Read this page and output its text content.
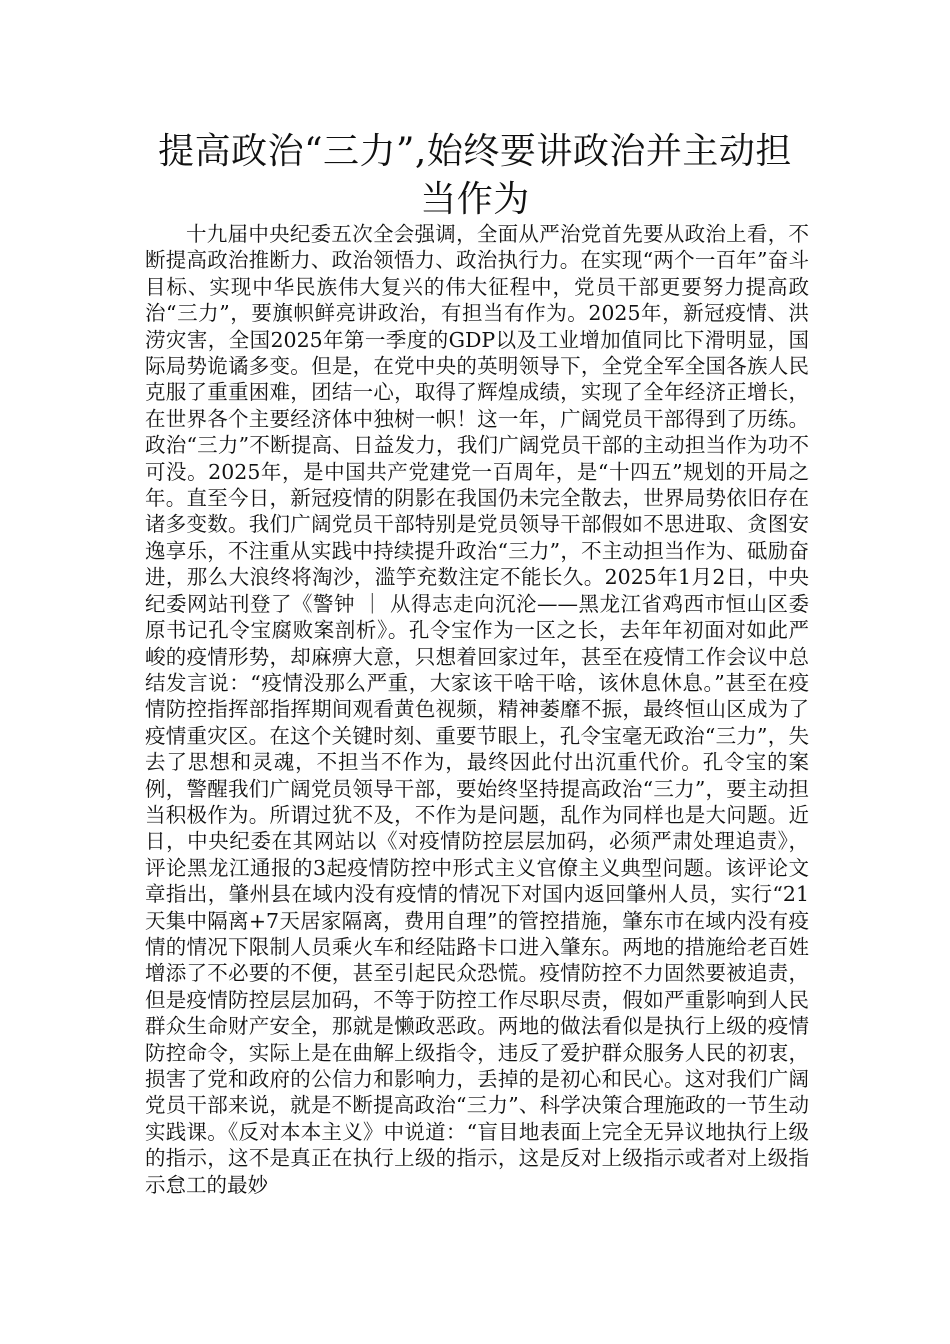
提高政治“三力”,始终要讲政治并主动担当作为

十九届中央纪委五次全会强调，全面从严治党首先要从政治上看，不断提高政治推断力、政治领悟力、政治执行力。在实现“两个一百年”奋斗目标、实现中华民族伟大复兴的伟大征程中，党员干部更要努力提高政治“三力”，要旗帜鲜亮讲政治，有担当有作为。2025年，新冠疫情、洪涝灾害，全国2025年第一季度的GDP以及工业增加值同比下滑明显，国际局势诡谲多变。但是，在党中央的英明领导下，全党全军全国各族人民克服了重重困难，团结一心，取得了辉煌成绩，实现了全年经济正增长，在世界各个主要经济体中独树一帜！这一年，广阔党员干部得到了历练。政治“三力”不断提高、日益发力，我们广阔党员干部的主动担当作为功不可没。2025年，是中国共产党建党一百周年，是“十四五”规划的开局之年。直至今日，新冠疫情的阴影在我国仍未完全散去，世界局势依旧存在诸多变数。我们广阔党员干部特别是党员领导干部假如不思进取、贪图安逸享乐，不注重从实践中持续提升政治“三力”，不主动担当作为、砥励奋进，那么大浪终将淘沙，滥竽充数注定不能长久。2025年1月2日，中央纪委网站刊登了《警钟 ｜ 从得志走向沉沦——黑龙江省鸡西市恒山区委原书记孔令宝腐败案剖析》。孔令宝作为一区之长，去年年初面对如此严峻的疫情形势，却麻痹大意，只想着回家过年，甚至在疫情工作会议中总结发言说：“疫情没那么严重，大家该干啥干啥，该休息休息。”甚至在疫情防控指挥部指挥期间观看黄色视频，精神萎靡不振，最终恒山区成为了疫情重灾区。在这个关键时刻、重要节眼上，孔令宝毫无政治“三力”，失去了思想和灵魂，不担当不作为，最终因此付出沉重代价。孔令宝的案例，警醒我们广阔党员领导干部，要始终坚持提高政治“三力”，要主动担当积极作为。所谓过犹不及，不作为是问题，乱作为同样也是大问题。近日，中央纪委在其网站以《对疫情防控层层加码，必须严肃处理追责》，评论黑龙江通报的3起疫情防控中形式主义官僚主义典型问题。该评论文章指出，肇州县在域内没有疫情的情况下对国内返回肇州人员，实行“21天集中隔离+7天居家隔离，费用自理”的管控措施，肇东市在域内没有疫情的情况下限制人员乘火车和经陆路卡口进入肇东。两地的措施给老百姓增添了不必要的不便，甚至引起民众恐慌。疫情防控不力固然要被追责，但是疫情防控层层加码，不等于防控工作尽职尽责，假如严重影响到人民群众生命财产安全，那就是懒政恶政。两地的做法看似是执行上级的疫情防控命令，实际上是在曲解上级指令，违反了爱护群众服务人民的初衷，损害了党和政府的公信力和影响力，丢掉的是初心和民心。这对我们广阔党员干部来说，就是不断提高政治“三力”、科学决策合理施政的一节生动实践课。《反对本本主义》中说道：“盲目地表面上完全无异议地执行上级的指示，这不是真正在执行上级的指示，这是反对上级指示或者对上级指示怠工的最妙
